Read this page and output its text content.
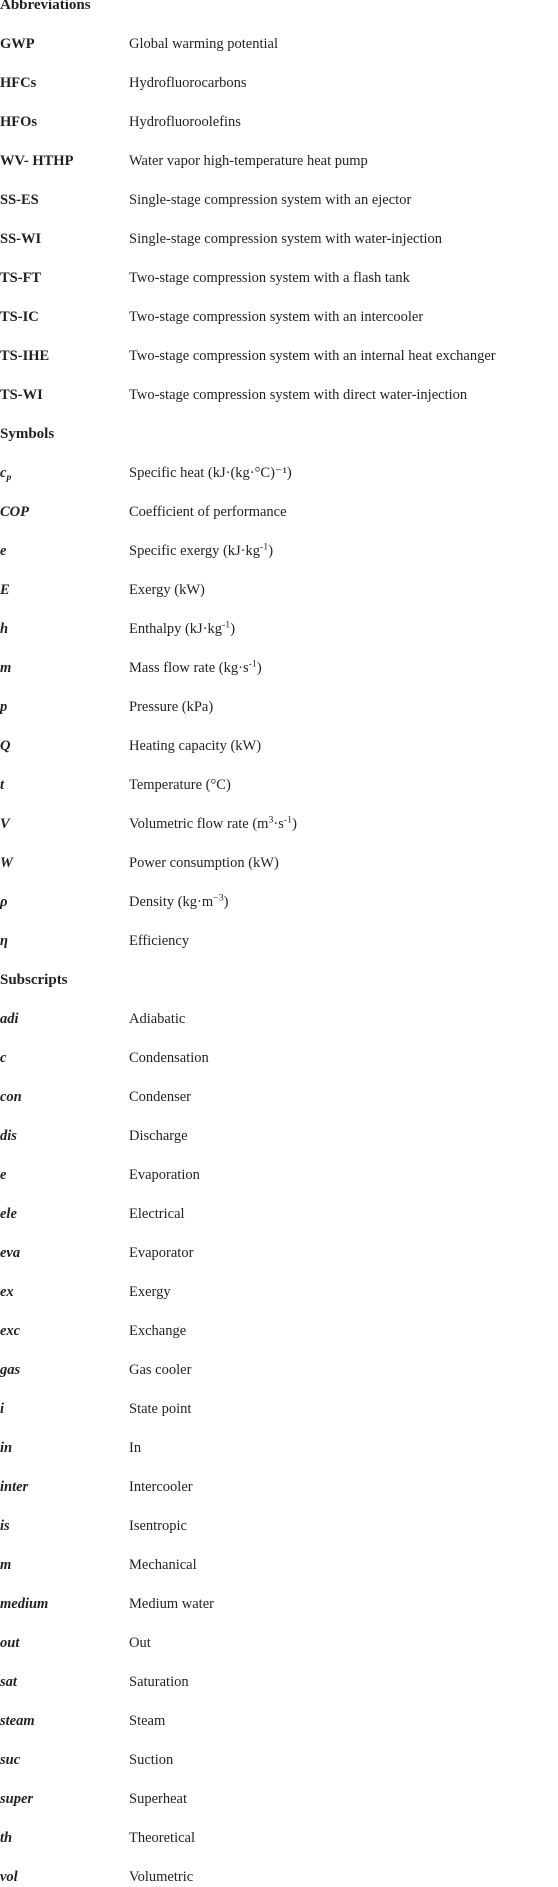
Abbreviations
GWP	Global warming potential
HFCs	Hydrofluorocarbons
HFOs	Hydrofluoroolefins
WV- HTHP	Water vapor high-temperature heat pump
SS-ES	Single-stage compression system with an ejector
SS-WI	Single-stage compression system with water-injection
TS-FT	Two-stage compression system with a flash tank
TS-IC	Two-stage compression system with an intercooler
TS-IHE	Two-stage compression system with an internal heat exchanger
TS-WI	Two-stage compression system with direct water-injection
Symbols
$c_p$	Specific heat (kJ·(kg·°C)⁻¹)
COP	Coefficient of performance
e	Specific exergy $(kJ\cdot kg^{-1})$
E	Exergy (kW)
h	Enthalpy $(kJ\cdot kg^{-1})$
m	Mass flow rate $(kg\cdot s^{-1})$
p	Pressure (kPa)
Q	Heating capacity (kW)
t	Temperature (°C)
V	Volumetric flow rate $(m^3\cdot s^{-1})$
W	Power consumption (kW)
ρ	Density $(kg\cdot m^{-3})$
η	Efficiency
Subscripts
adi	Adiabatic
c	Condensation
con	Condenser
dis	Discharge
e	Evaporation
ele	Electrical
eva	Evaporator
ex	Exergy
exc	Exchange
gas	Gas cooler
i	State point
in	In
inter	Intercooler
is	Isentropic
m	Mechanical
medium	Medium water
out	Out
sat	Saturation
steam	Steam
suc	Suction
super	Superheat
th	Theoretical
vol	Volumetric
